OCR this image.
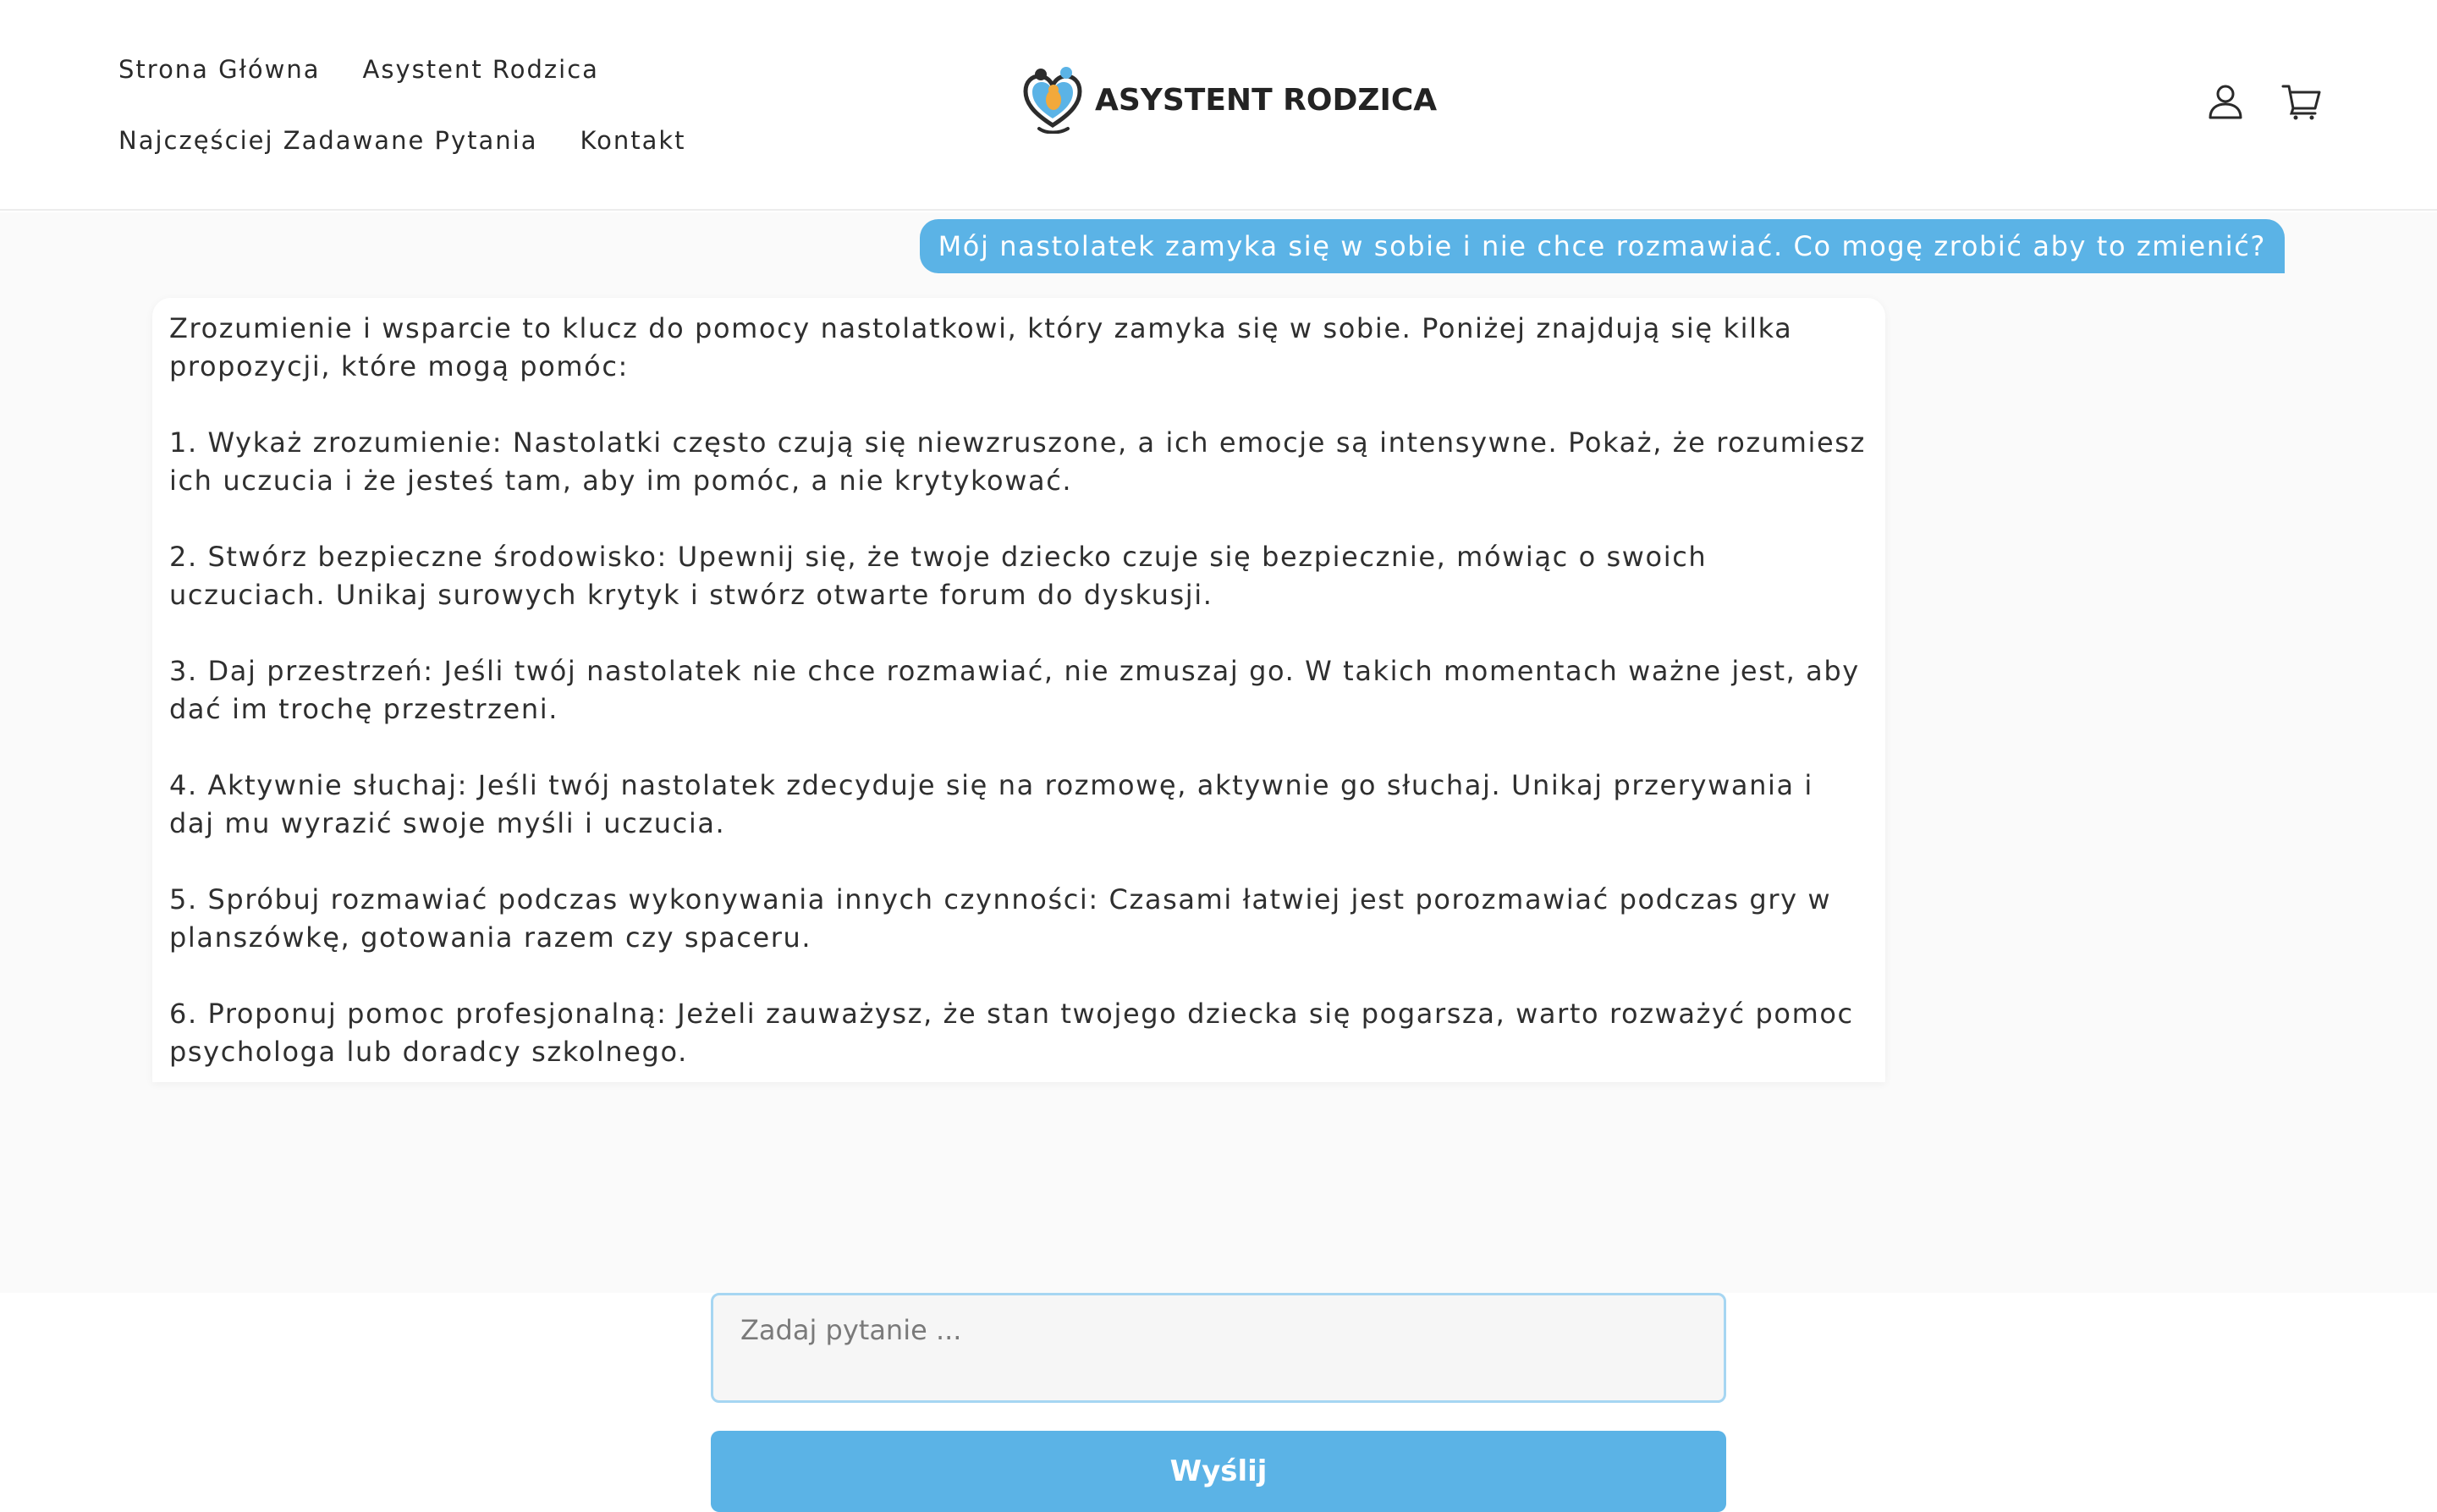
Strona Główna Asystent Rodzica
Najczęściej Zadawane Pytania Kontakt
ASYSTENT RODZICA
Mój nastolatek zamyka się w sobie i nie chce rozmawiać. Co mogę zrobić aby to zmienić?

Zrozumienie i wsparcie to klucz do pomocy nastolatkowi, który zamyka się w sobie. Poniżej znajdują się kilka propozycji, które mogą pomóc:

1. Wykaż zrozumienie: Nastolatki często czują się niewzruszone, a ich emocje są intensywne. Pokaż, że rozumiesz ich uczucia i że jesteś tam, aby im pomóc, a nie krytykować.

2. Stwórz bezpieczne środowisko: Upewnij się, że twoje dziecko czuje się bezpiecznie, mówiąc o swoich uczuciach. Unikaj surowych krytyk i stwórz otwarte forum do dyskusji.

3. Daj przestrzeń: Jeśli twój nastolatek nie chce rozmawiać, nie zmuszaj go. W takich momentach ważne jest, aby dać im trochę przestrzeni.

4. Aktywnie słuchaj: Jeśli twój nastolatek zdecyduje się na rozmowę, aktywnie go słuchaj. Unikaj przerywania i daj mu wyrazić swoje myśli i uczucia.

5. Spróbuj rozmawiać podczas wykonywania innych czynności: Czasami łatwiej jest porozmawiać podczas gry w planszówkę, gotowania razem czy spaceru.

6. Proponuj pomoc profesjonalną: Jeżeli zauważysz, że stan twojego dziecka się pogarsza, warto rozważyć pomoc psychologa lub doradcy szkolnego.

Zadaj pytanie ...
Wyślij
